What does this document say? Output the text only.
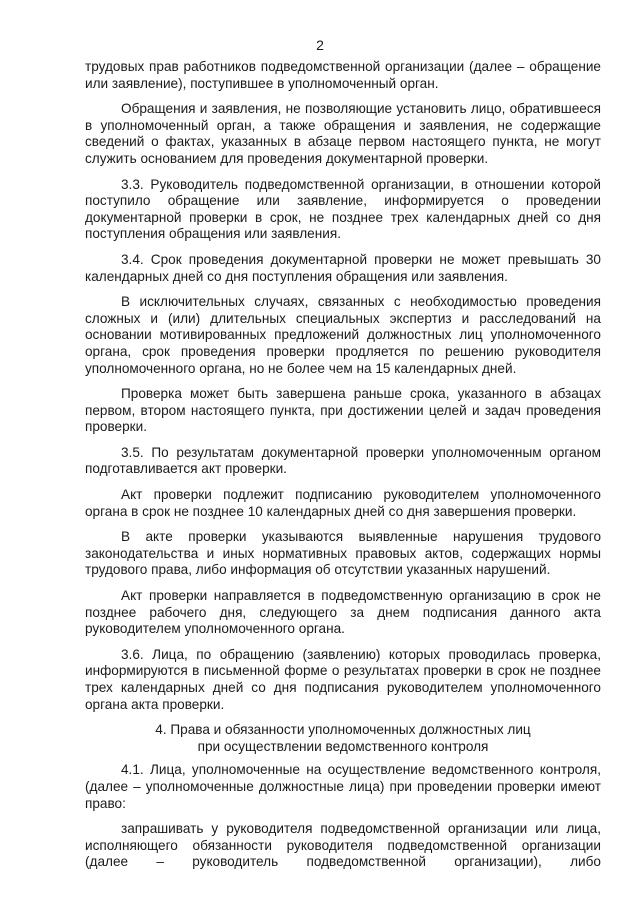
2

трудовых прав работников подведомственной организации (далее – обращение или заявление), поступившее в уполномоченный орган.

Обращения и заявления, не позволяющие установить лицо, обратившееся в уполномоченный орган, а также обращения и заявления, не содержащие сведений о фактах, указанных в абзаце первом настоящего пункта, не могут служить основанием для проведения документарной проверки.

3.3. Руководитель подведомственной организации, в отношении которой поступило обращение или заявление, информируется о проведении документарной проверки в срок, не позднее трех календарных дней со дня поступления обращения или заявления.

3.4. Срок проведения документарной проверки не может превышать 30 календарных дней со дня поступления обращения или заявления.

В исключительных случаях, связанных с необходимостью проведения сложных и (или) длительных специальных экспертиз и расследований на основании мотивированных предложений должностных лиц уполномоченного органа, срок проведения проверки продляется по решению руководителя уполномоченного органа, но не более чем на 15 календарных дней.

Проверка может быть завершена раньше срока, указанного в абзацах первом, втором настоящего пункта, при достижении целей и задач проведения проверки.

3.5. По результатам документарной проверки уполномоченным органом подготавливается акт проверки.

Акт проверки подлежит подписанию руководителем уполномоченного органа в срок не позднее 10 календарных дней со дня завершения проверки.

В акте проверки указываются выявленные нарушения трудового законодательства и иных нормативных правовых актов, содержащих нормы трудового права, либо информация об отсутствии указанных нарушений.

Акт проверки направляется в подведомственную организацию в срок не позднее рабочего дня, следующего за днем подписания данного акта руководителем уполномоченного органа.

3.6. Лица, по обращению (заявлению) которых проводилась проверка, информируются в письменной форме о результатах проверки в срок не позднее трех календарных дней со дня подписания руководителем уполномоченного органа акта проверки.

4. Права и обязанности уполномоченных должностных лиц
при осуществлении ведомственного контроля

4.1. Лица, уполномоченные на осуществление ведомственного контроля, (далее – уполномоченные должностные лица) при проведении проверки имеют право:

запрашивать у руководителя подведомственной организации или лица, исполняющего обязанности руководителя подведомственной организации (далее – руководитель подведомственной организации), либо
